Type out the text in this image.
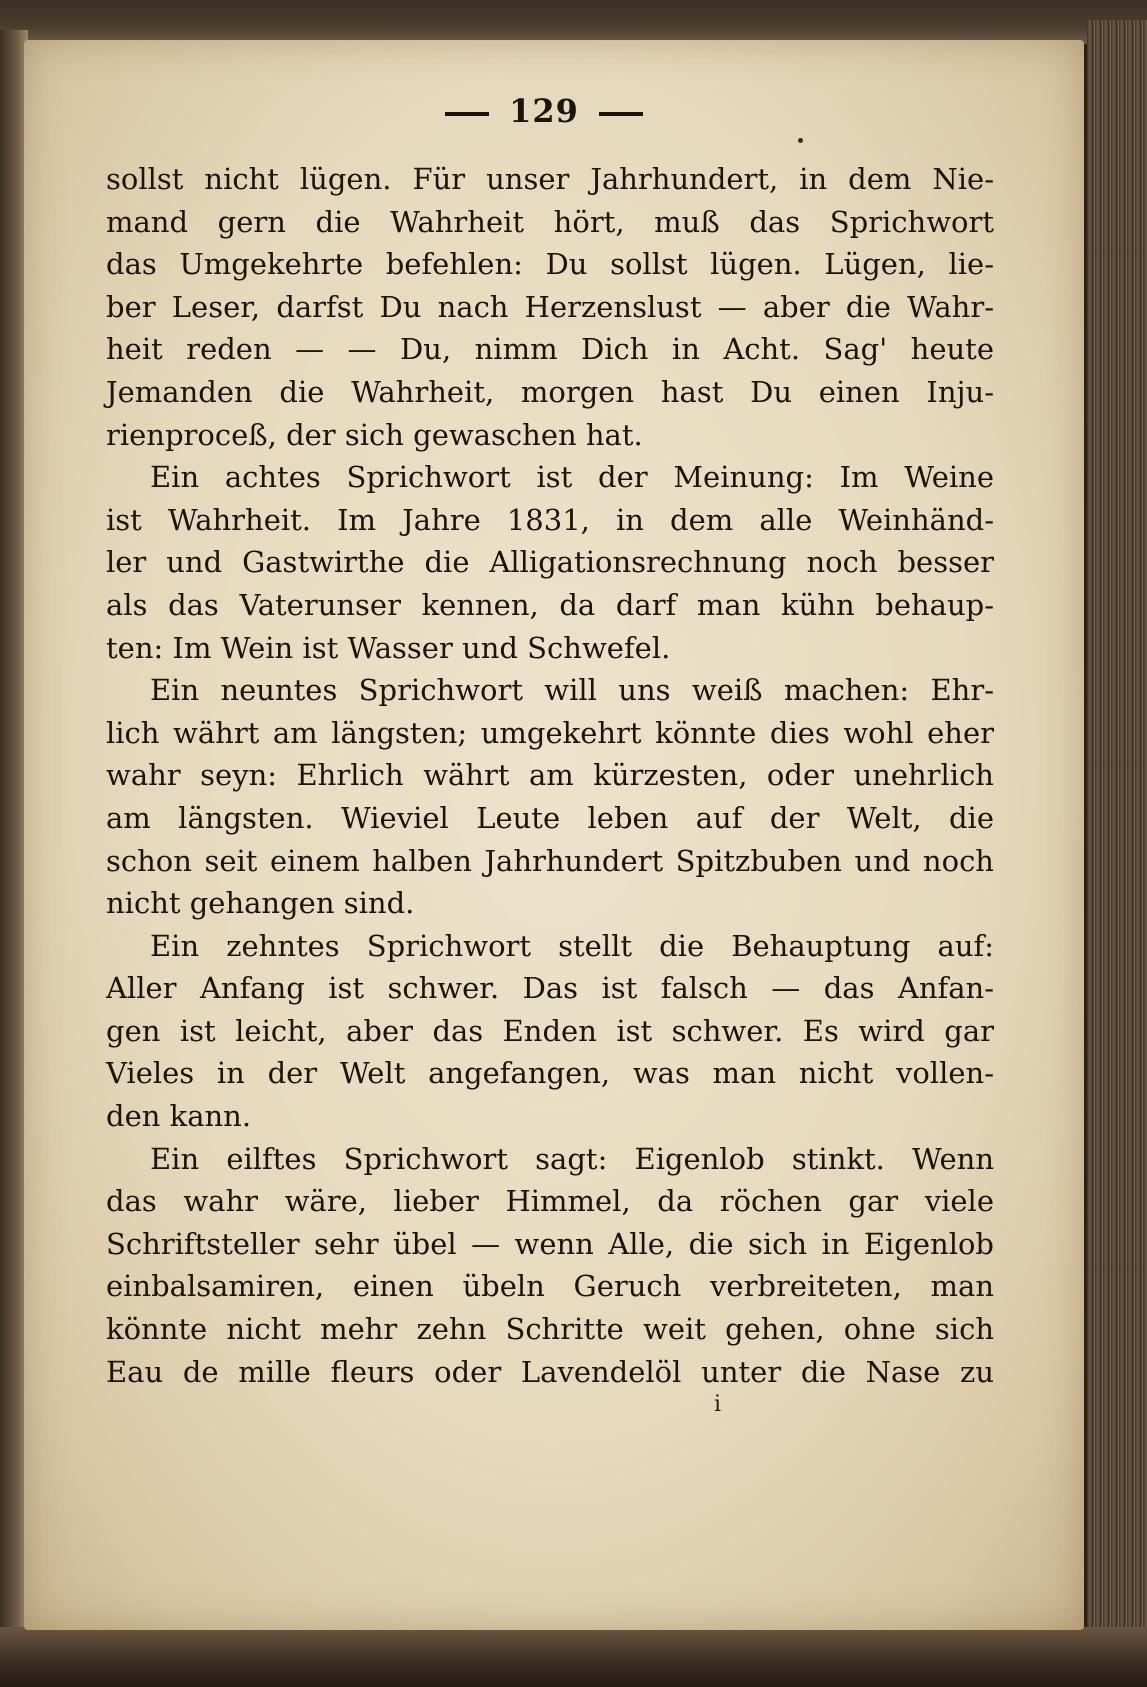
129
sollst nicht lügen. Für unser Jahrhundert, in dem Nie-
mand gern die Wahrheit hört, muß das Sprichwort
das Umgekehrte befehlen: Du sollst lügen. Lügen, lie-
ber Leser, darfst Du nach Herzenslust — aber die Wahr-
heit reden — — Du, nimm Dich in Acht. Sag' heute
Jemanden die Wahrheit, morgen hast Du einen Inju-
rienproceß, der sich gewaschen hat.
Ein achtes Sprichwort ist der Meinung: Im Weine
ist Wahrheit. Im Jahre 1831, in dem alle Weinhänd-
ler und Gastwirthe die Alligationsrechnung noch besser
als das Vaterunser kennen, da darf man kühn behaup-
ten: Im Wein ist Wasser und Schwefel.
Ein neuntes Sprichwort will uns weiß machen: Ehr-
lich währt am längsten; umgekehrt könnte dies wohl eher
wahr seyn: Ehrlich währt am kürzesten, oder unehrlich
am längsten. Wieviel Leute leben auf der Welt, die
schon seit einem halben Jahrhundert Spitzbuben und noch
nicht gehangen sind.
Ein zehntes Sprichwort stellt die Behauptung auf:
Aller Anfang ist schwer. Das ist falsch — das Anfan-
gen ist leicht, aber das Enden ist schwer. Es wird gar
Vieles in der Welt angefangen, was man nicht vollen-
den kann.
Ein eilftes Sprichwort sagt: Eigenlob stinkt. Wenn
das wahr wäre, lieber Himmel, da röchen gar viele
Schriftsteller sehr übel — wenn Alle, die sich in Eigenlob
einbalsamiren, einen übeln Geruch verbreiteten, man
könnte nicht mehr zehn Schritte weit gehen, ohne sich
Eau de mille fleurs oder Lavendelöl unter die Nase zu
i
